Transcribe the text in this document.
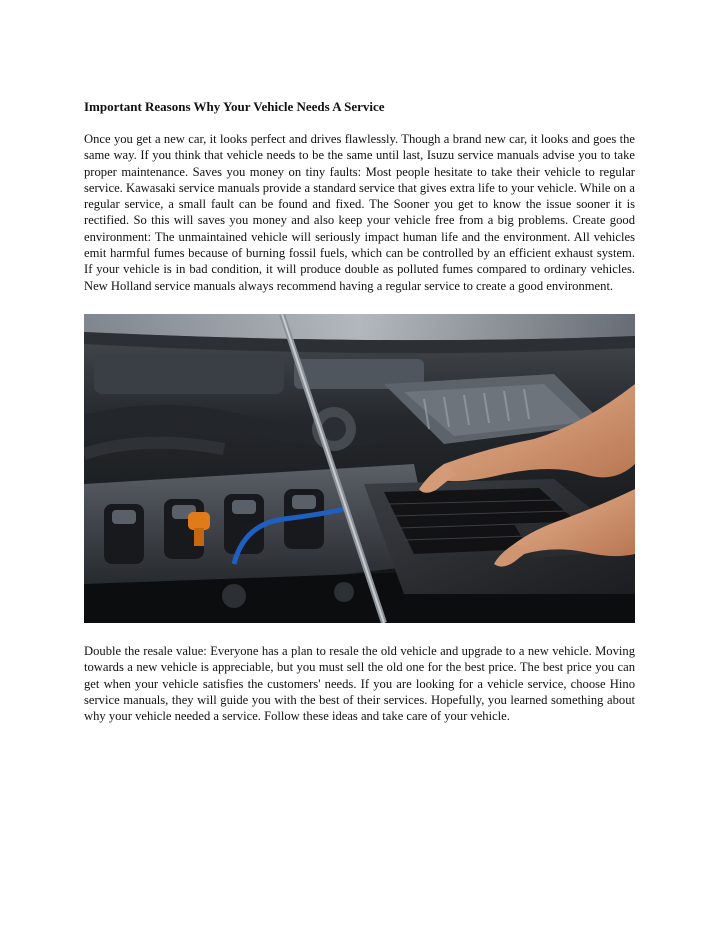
Important Reasons Why Your Vehicle Needs A Service

Once you get a new car, it looks perfect and drives flawlessly. Though a brand new car, it looks and goes the same way. If you think that vehicle needs to be the same until last, Isuzu service manuals advise you to take proper maintenance. Saves you money on tiny faults: Most people hesitate to take their vehicle to regular service. Kawasaki service manuals provide a standard service that gives extra life to your vehicle. While on a regular service, a small fault can be found and fixed. The Sooner you get to know the issue sooner it is rectified. So this will saves you money and also keep your vehicle free from a big problems. Create good environment: The unmaintained vehicle will seriously impact human life and the environment. All vehicles emit harmful fumes because of burning fossil fuels, which can be controlled by an efficient exhaust system. If your vehicle is in bad condition, it will produce double as polluted fumes compared to ordinary vehicles. New Holland service manuals always recommend having a regular service to create a good environment.

Double the resale value: Everyone has a plan to resale the old vehicle and upgrade to a new vehicle. Moving towards a new vehicle is appreciable, but you must sell the old one for the best price. The best price you can get when your vehicle satisfies the customers' needs. If you are looking for a vehicle service, choose Hino service manuals, they will guide you with the best of their services. Hopefully, you learned something about why your vehicle needed a service. Follow these ideas and take care of your vehicle.
